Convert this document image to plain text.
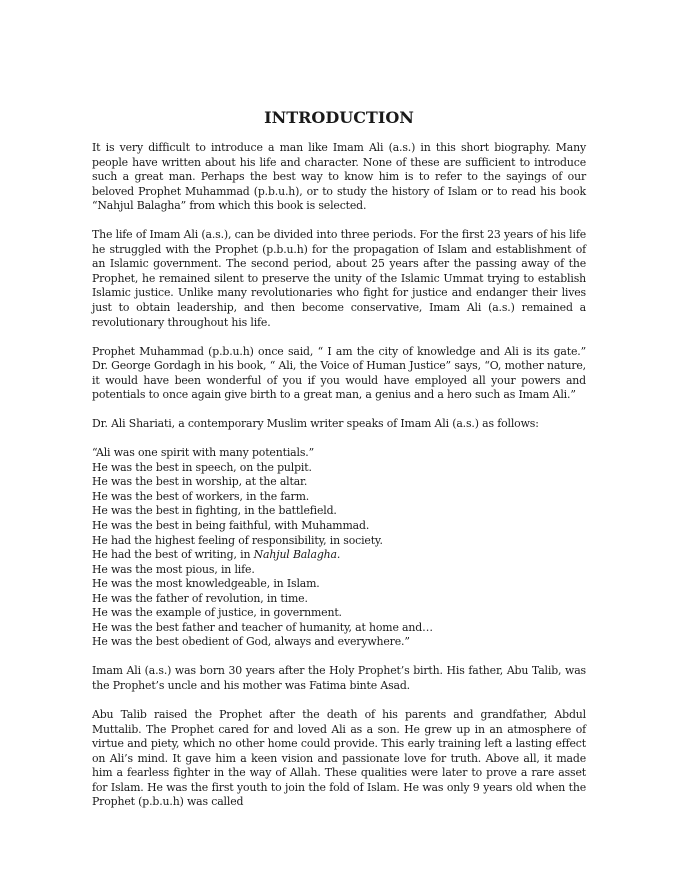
INTRODUCTION

It is very difficult to introduce a man like Imam Ali (a.s.) in this short biography. Many people have written about his life and character. None of these are sufficient to introduce such a great man. Perhaps the best way to know him is to refer to the sayings of our beloved Prophet Muhammad (p.b.u.h), or to study the history of Islam or to read his book “Nahjul Balagha” from which this book is selected.

The life of Imam Ali (a.s.), can be divided into three periods. For the first 23 years of his life he struggled with the Prophet (p.b.u.h) for the propagation of Islam and establishment of an Islamic government. The second period, about 25 years after the passing away of the Prophet, he remained silent to preserve the unity of the Islamic Ummat trying to establish Islamic justice. Unlike many revolutionaries who fight for justice and endanger their lives just to obtain leadership, and then become conservative, Imam Ali (a.s.) remained a revolutionary throughout his life.

Prophet Muhammad (p.b.u.h) once said, “ I am the city of knowledge and Ali is its gate.” Dr. George Gordagh in his book, “ Ali, the Voice of Human Justice” says, “O, mother nature, it would have been wonderful of you if you would have employed all your powers and potentials to once again give birth to a great man, a genius and a hero such as Imam Ali.”

Dr. Ali Shariati, a contemporary Muslim writer speaks of Imam Ali (a.s.) as follows:

“Ali was one spirit with many potentials.”

He was the best in speech, on the pulpit.

He was the best in worship, at the altar.

He was the best of workers, in the farm.

He was the best in fighting, in the battlefield.

He was the best in being faithful, with Muhammad.

He had the highest feeling of responsibility, in society.

He had the best of writing, in Nahjul Balagha.

He was the most pious, in life.

He was the most knowledgeable, in Islam.

He was the father of revolution, in time.

He was the example of justice, in government.

He was the best father and teacher of humanity, at home and…

He was the best obedient of God, always and everywhere.”

Imam Ali (a.s.) was born 30 years after the Holy Prophet’s birth. His father, Abu Talib, was the Prophet’s uncle and his mother was Fatima binte Asad.

Abu Talib raised the Prophet after the death of his parents and grandfather, Abdul Muttalib. The Prophet cared for and loved Ali as a son. He grew up in an atmosphere of virtue and piety, which no other home could provide. This early training left a lasting effect on Ali’s mind. It gave him a keen vision and passionate love for truth. Above all, it made him a fearless fighter in the way of Allah. These qualities were later to prove a rare asset for Islam. He was the first youth to join the fold of Islam. He was only 9 years old when the Prophet (p.b.u.h) was called
